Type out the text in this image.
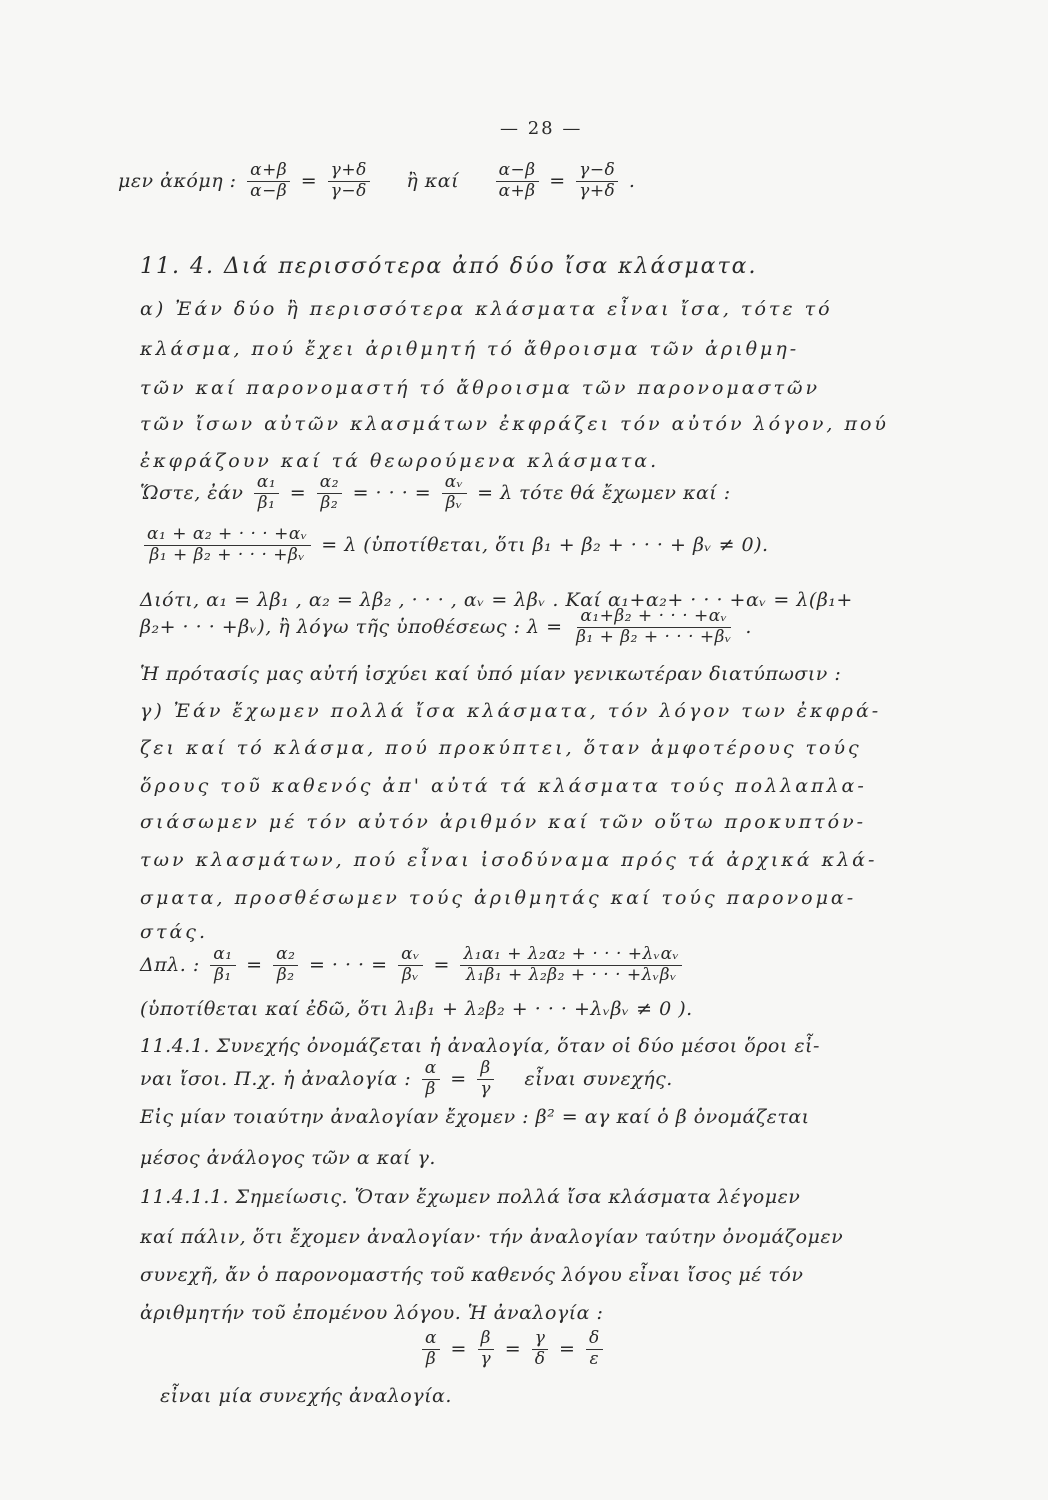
— 28 —
μεν ἀκόμη : $\frac{\alpha+\beta}{\alpha-\beta} = \frac{\gamma+\delta}{\gamma-\delta}$ ἢ καί $\frac{\alpha-\beta}{\alpha+\beta} = \frac{\gamma-\delta}{\gamma+\delta}$ .
11. 4. Διά περισσότερα ἀπό δύο ἴσα κλάσματα.
α) Ἐάν δύο ἢ περισσότερα κλάσματα εἶναι ἴσα, τότε τό
κλάσμα, πού ἔχει ἀριθμητή τό ἄθροισμα τῶν ἀριθμη-
τῶν καί παρονομαστή τό ἄθροισμα τῶν παρονομαστῶν
τῶν ἴσων αὐτῶν κλασμάτων ἐκφράζει τόν αὐτόν λόγον, πού
ἐκφράζουν καί τά θεωρούμενα κλάσματα.
Ὥστε, ἐάν $\frac{\text{α₁}}{\text{β₁}} = \frac{\text{α₂}}{\text{β₂}}$ = · · · = $\frac{\text{αᵥ}}{\text{βᵥ}} = \lambda$ τότε θά ἔχωμεν καί :
$\frac{\text{α₁ + α₂ + · · · +αᵥ}}{\text{β₁ + β₂ + · · · +βᵥ}} = \lambda$ (ὑποτίθεται, ὅτι β₁ + β₂ + · · · + βᵥ ≠ 0).
Διότι, α₁ = λβ₁ , α₂ = λβ₂ , · · · , αᵥ = λβᵥ . Καί α₁+α₂+ · · · +αᵥ = λ(β₁+
β₂+ · · · +βᵥ), ἢ λόγω τῆς ὑποθέσεως : $\lambda = \frac{\text{α₁+β₂ + · · · +αᵥ}}{\text{β₁ + β₂ + · · · +βᵥ}}$ .
Ἡ πρότασίς μας αὐτή ἰσχύει καί ὑπό μίαν γενικωτέραν διατύπωσιν :
γ) Ἐάν ἔχωμεν πολλά ἴσα κλάσματα, τόν λόγον των ἐκφρά-
ζει καί τό κλάσμα, πού προκύπτει, ὅταν ἀμφοτέρους τούς
ὅρους τοῦ καθενός ἀπ' αὐτά τά κλάσματα τούς πολλαπλα-
σιάσωμεν μέ τόν αὐτόν ἀριθμόν καί τῶν οὕτω προκυπτόν-
των κλασμάτων, πού εἶναι ἰσοδύναμα πρός τά ἀρχικά κλά-
σματα, προσθέσωμεν τούς ἀριθμητάς καί τούς παρονομα-
στάς.
Δπλ. : $\frac{\text{α₁}}{\text{β₁}} = \frac{\text{α₂}}{\text{β₂}}$ = · · · = $\frac{\text{αᵥ}}{\text{βᵥ}} = \frac{\text{λ₁α₁ + λ₂α₂ + · · · +λᵥαᵥ}}{\text{λ₁β₁ + λ₂β₂ + · · · +λᵥβᵥ}}$
(ὑποτίθεται καί ἐδῶ, ὅτι λ₁β₁ + λ₂β₂ + · · · +λᵥβᵥ ≠ 0 ).
11.4.1. Συνεχής ὀνομάζεται ἡ ἀναλογία, ὅταν οἱ δύο μέσοι ὅροι εἶ-
ναι ἴσοι. Π.χ. ἡ ἀναλογία : $\frac{\alpha}{\beta} = \frac{\beta}{\gamma}$ εἶναι συνεχής.
Εἰς μίαν τοιαύτην ἀναλογίαν ἔχομεν : β² = αγ καί ὁ β ὀνομάζεται
μέσος ἀνάλογος τῶν α καί γ.
11.4.1.1. Σημείωσις. Ὅταν ἔχωμεν πολλά ἴσα κλάσματα λέγομεν
καί πάλιν, ὅτι ἔχομεν ἀναλογίαν· τήν ἀναλογίαν ταύτην ὀνομάζομεν
συνεχῆ, ἄν ὁ παρονομαστής τοῦ καθενός λόγου εἶναι ἴσος μέ τόν
ἀριθμητήν τοῦ ἐπομένου λόγου. Ἡ ἀναλογία :
$\frac{\alpha}{\beta} = \frac{\beta}{\gamma} = \frac{\gamma}{\delta} = \frac{\delta}{\varepsilon}$
εἶναι μία συνεχής ἀναλογία.
